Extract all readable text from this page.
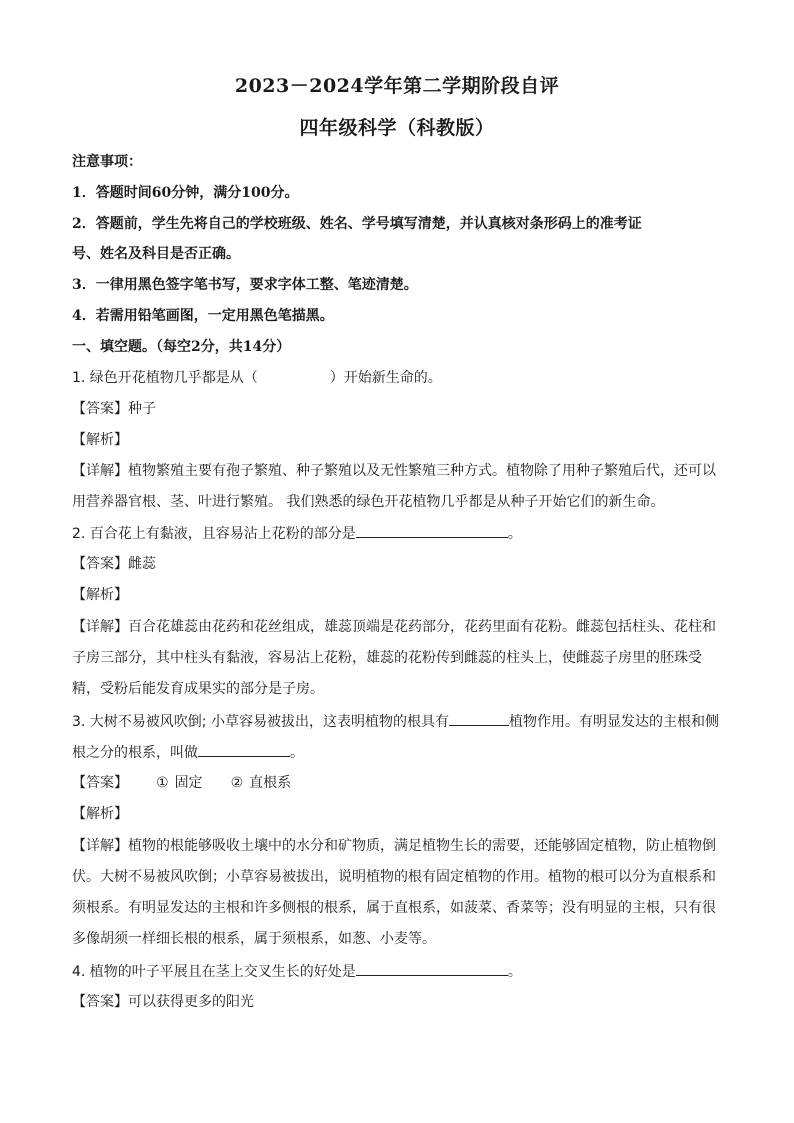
2023－2024学年第二学期阶段自评
四年级科学（科教版）
注意事项：
1．答题时间60分钟，满分100分。
2．答题前，学生先将自己的学校班级、姓名、学号填写清楚，并认真核对条形码上的准考证
号、姓名及科目是否正确。
3．一律用黑色签字笔书写，要求字体工整、笔迹清楚。
4．若需用铅笔画图，一定用黑色笔描黑。
一、填空题。（每空2分，共14分）
1. 绿色开花植物几乎都是从（	）开始新生命的。
【答案】种子
【解析】
【详解】植物繁殖主要有孢子繁殖、种子繁殖以及无性繁殖三种方式。植物除了用种子繁殖后代，还可以
用营养器官根、茎、叶进行繁殖。 我们熟悉的绿色开花植物几乎都是从种子开始它们的新生命。
2. 百合花上有黏液，且容易沾上花粉的部分是	。
【答案】雌蕊
【解析】
【详解】百合花雄蕊由花药和花丝组成，雄蕊顶端是花药部分，花药里面有花粉。雌蕊包括柱头、花柱和
子房三部分，其中柱头有黏液，容易沾上花粉，雄蕊的花粉传到雌蕊的柱头上，使雌蕊子房里的胚珠受
精，受粉后能发育成果实的部分是子房。
3. 大树不易被风吹倒; 小草容易被拔出，这表明植物的根具有	植物作用。有明显发达的主根和侧
根之分的根系，叫做	。
【答案】 ① 固定 ② 直根系
【解析】
【详解】植物的根能够吸收土壤中的水分和矿物质，满足植物生长的需要，还能够固定植物，防止植物倒
伏。大树不易被风吹倒；小草容易被拔出，说明植物的根有固定植物的作用。植物的根可以分为直根系和
须根系。有明显发达的主根和许多侧根的根系，属于直根系，如菠菜、香菜等；没有明显的主根，只有很
多像胡须一样细长根的根系，属于须根系，如葱、小麦等。
4. 植物的叶子平展且在茎上交叉生长的好处是	。
【答案】可以获得更多的阳光
